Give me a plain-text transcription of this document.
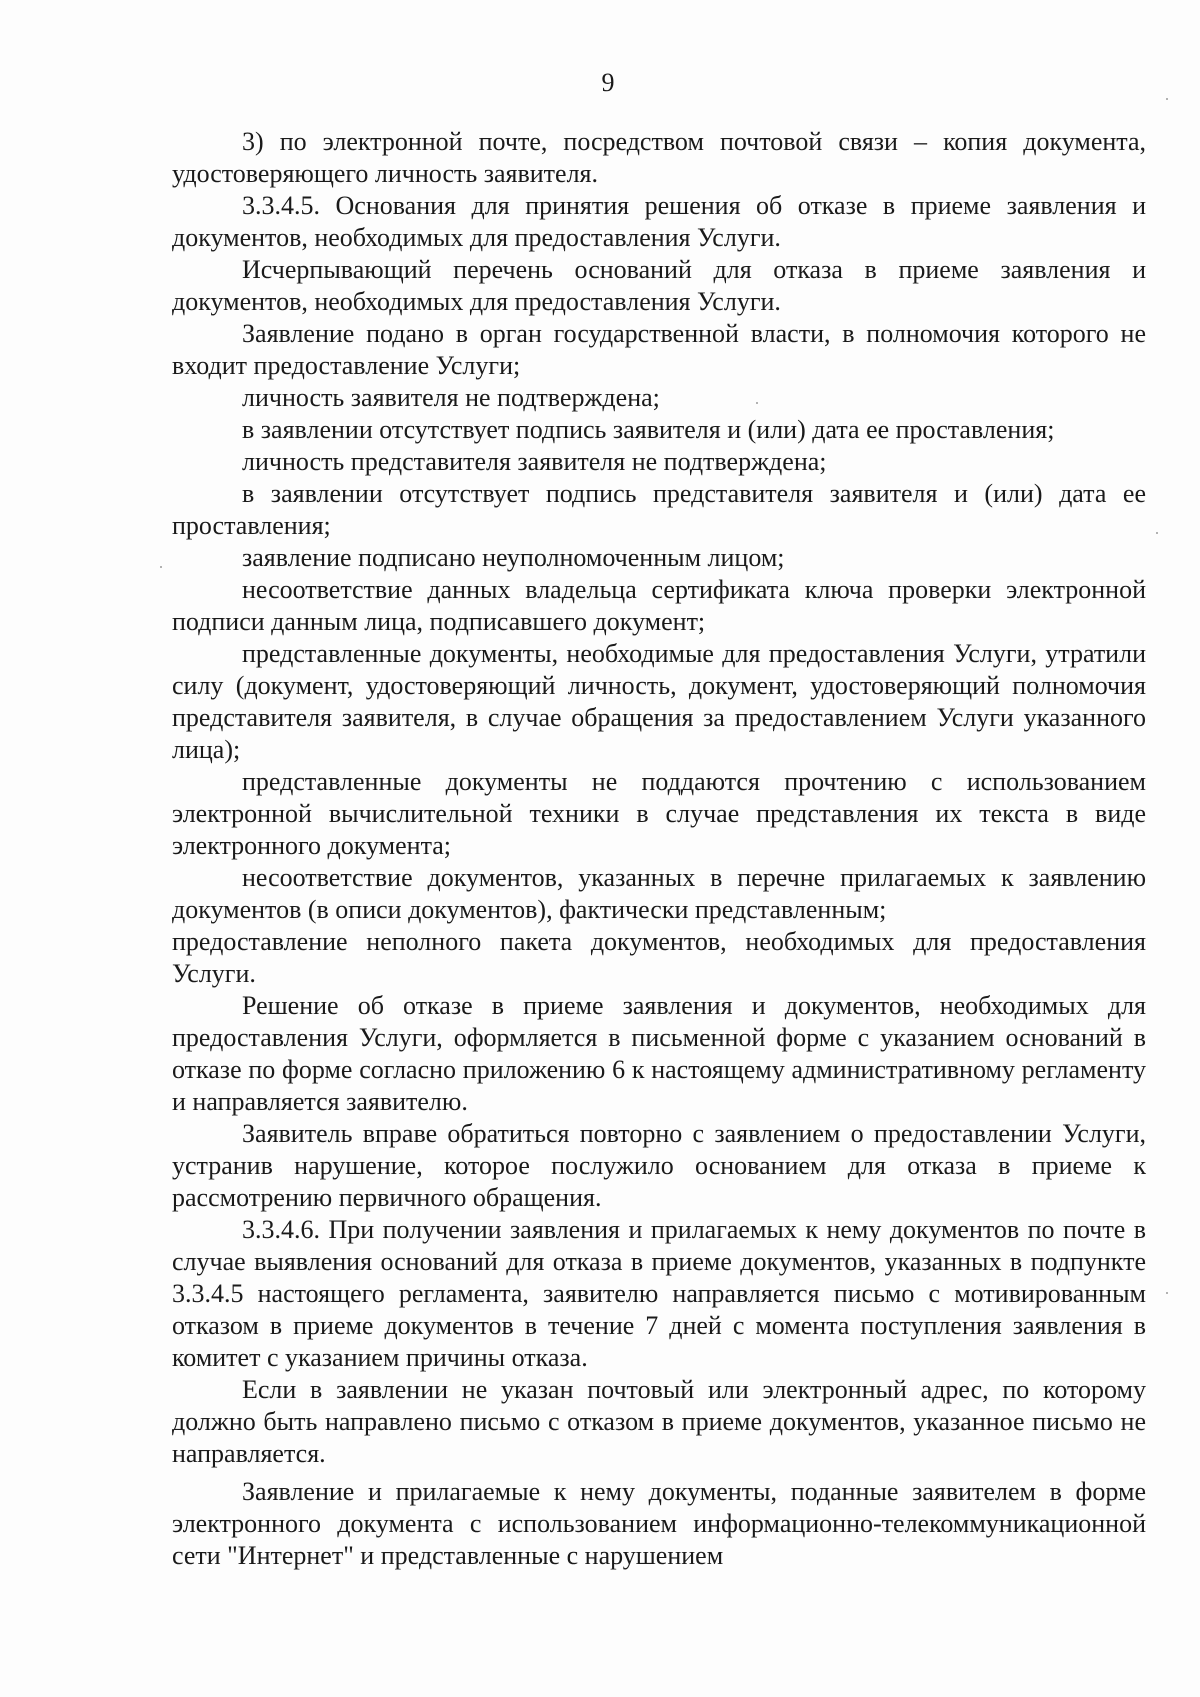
9

3) по электронной почте, посредством почтовой связи – копия документа, удостоверяющего личность заявителя.

3.3.4.5. Основания для принятия решения об отказе в приеме заявления и документов, необходимых для предоставления Услуги.

Исчерпывающий перечень оснований для отказа в приеме заявления и документов, необходимых для предоставления Услуги.

Заявление подано в орган государственной власти, в полномочия которого не входит предоставление Услуги;

личность заявителя не подтверждена;

в заявлении отсутствует подпись заявителя и (или) дата ее проставления;

личность представителя заявителя не подтверждена;

в заявлении отсутствует подпись представителя заявителя и (или) дата ее проставления;

заявление подписано неуполномоченным лицом;

несоответствие данных владельца сертификата ключа проверки электронной подписи данным лица, подписавшего документ;

представленные документы, необходимые для предоставления Услуги, утратили силу (документ, удостоверяющий личность, документ, удостоверяющий полномочия представителя заявителя, в случае обращения за предоставлением Услуги указанного лица);

представленные документы не поддаются прочтению с использованием электронной вычислительной техники в случае представления их текста в виде электронного документа;

несоответствие документов, указанных в перечне прилагаемых к заявлению документов (в описи документов), фактически представленным;

предоставление неполного пакета документов, необходимых для предоставления Услуги.

Решение об отказе в приеме заявления и документов, необходимых для предоставления Услуги, оформляется в письменной форме с указанием оснований в отказе по форме согласно приложению 6 к настоящему административному регламенту и направляется заявителю.

Заявитель вправе обратиться повторно с заявлением о предоставлении Услуги, устранив нарушение, которое послужило основанием для отказа в приеме к рассмотрению первичного обращения.

3.3.4.6. При получении заявления и прилагаемых к нему документов по почте в случае выявления оснований для отказа в приеме документов, указанных в подпункте 3.3.4.5 настоящего регламента, заявителю направляется письмо с мотивированным отказом в приеме документов в течение 7 дней с момента поступления заявления в комитет с указанием причины отказа.

Если в заявлении не указан почтовый или электронный адрес, по которому должно быть направлено письмо с отказом в приеме документов, указанное письмо не направляется.

Заявление и прилагаемые к нему документы, поданные заявителем в форме электронного документа с использованием информационно-телекоммуникационной сети "Интернет" и представленные с нарушением
